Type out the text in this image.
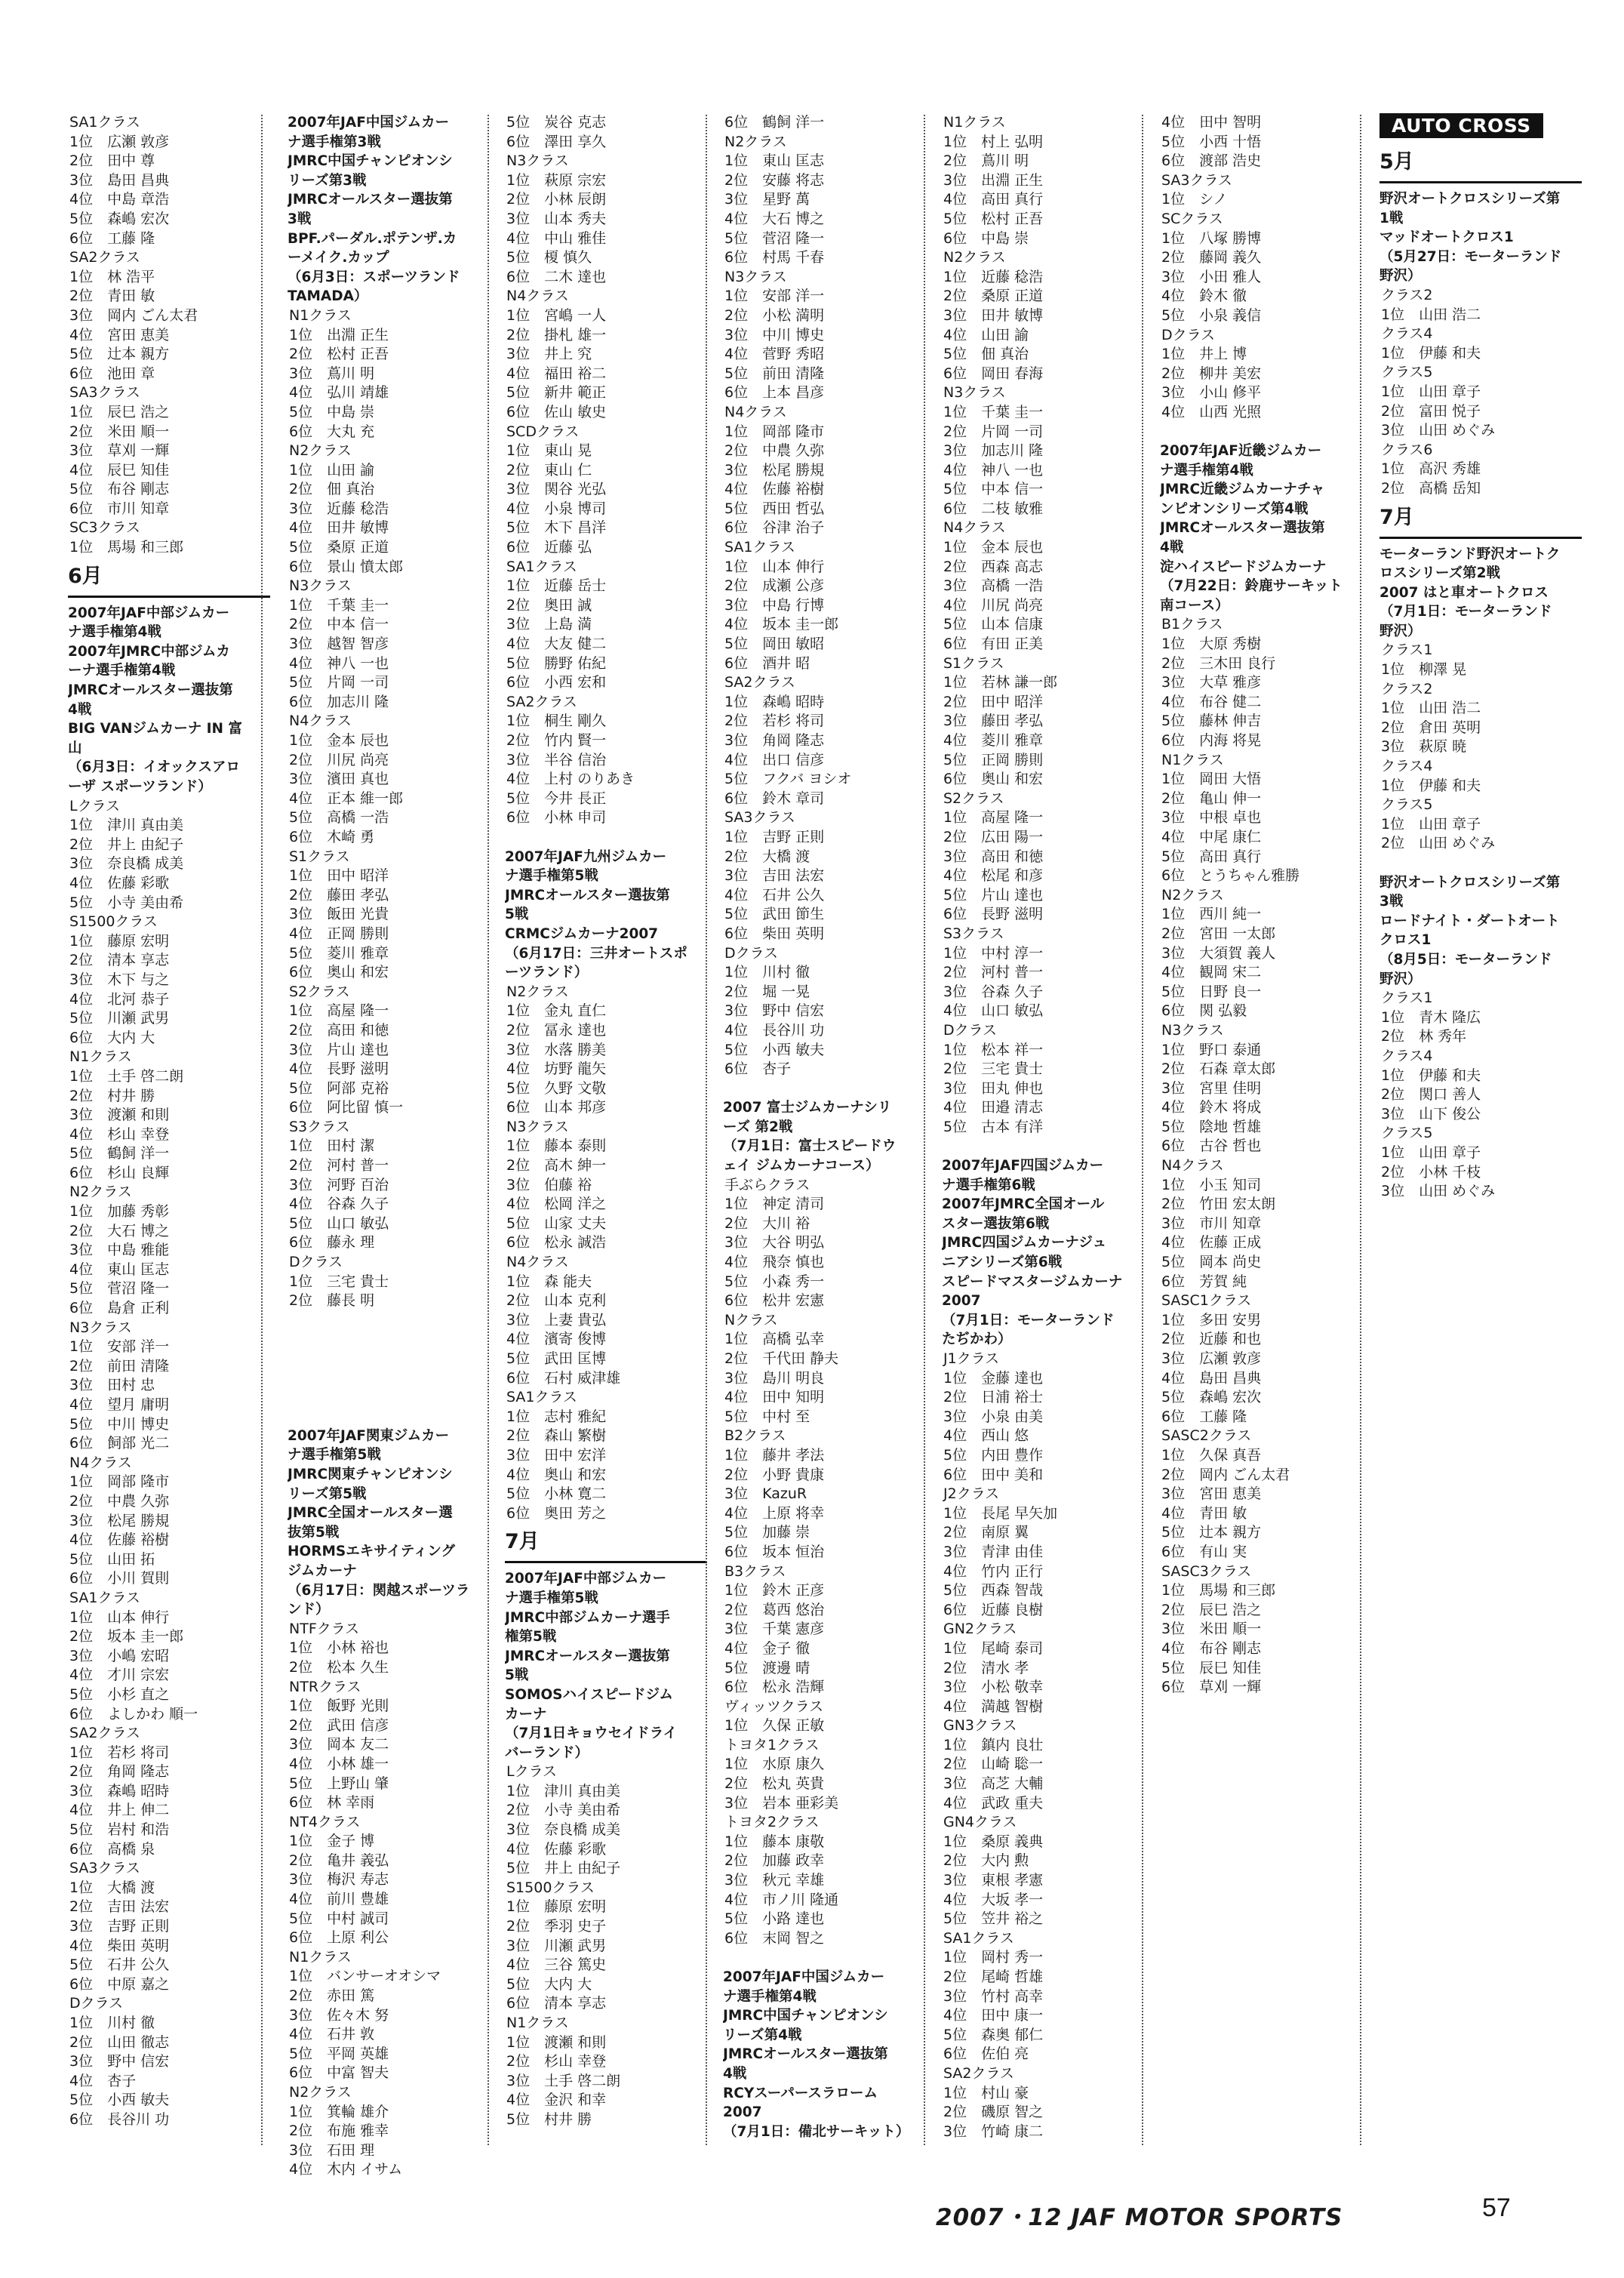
SA1クラス
1位　広瀬 敦彦
2位　田中 尊
3位　島田 昌典
4位　中島 章浩
5位　森嶋 宏次
6位　工藤 隆
SA2クラス
1位　林 浩平
2位　青田 敏
3位　岡内 ごん太君
4位　宮田 恵美
5位　辻本 親方
6位　池田 章
SA3クラス
1位　辰巳 浩之
2位　米田 順一
3位　草刈 一輝
4位　辰巳 知佳
5位　布谷 剛志
6位　市川 知章
SC3クラス
1位　馬場 和三郎
6月
2007年JAF中部ジムカー
ナ選手権第4戦
2007年JMRC中部ジムカ
ーナ選手権第4戦
JMRCオールスター選抜第
4戦
BIG VANジムカーナ IN 富
山
（6月3日：イオックスアロ
ーザ スポーツランド）
Lクラス
1位　津川 真由美
2位　井上 由紀子
3位　奈良橋 成美
4位　佐藤 彩歌
5位　小寺 美由希
S1500クラス
1位　藤原 宏明
2位　清本 享志
3位　木下 与之
4位　北河 恭子
5位　川瀬 武男
6位　大内 大
N1クラス
1位　土手 啓二朗
2位　村井 勝
3位　渡瀬 和則
4位　杉山 幸登
5位　鶴飼 洋一
6位　杉山 良輝
N2クラス
1位　加藤 秀彰
2位　大石 博之
3位　中島 雅能
4位　東山 匡志
5位　菅沼 隆一
6位　島倉 正利
N3クラス
1位　安部 洋一
2位　前田 清隆
3位　田村 忠
4位　望月 庸明
5位　中川 博史
6位　飼部 光二
N4クラス
1位　岡部 隆市
2位　中農 久弥
3位　松尾 勝規
4位　佐藤 裕樹
5位　山田 拓
6位　小川 賀則
SA1クラス
1位　山本 伸行
2位　坂本 圭一郎
3位　小嶋 宏昭
4位　才川 宗宏
5位　小杉 直之
6位　よしかわ 順一
SA2クラス
1位　若杉 将司
2位　角岡 隆志
3位　森嶋 昭時
4位　井上 伸二
5位　岩村 和浩
6位　高橋 泉
SA3クラス
1位　大橋 渡
2位　吉田 法宏
3位　吉野 正則
4位　柴田 英明
5位　石井 公久
6位　中原 嘉之
Dクラス
1位　川村 徹
2位　山田 徹志
3位　野中 信宏
4位　杏子
5位　小西 敏夫
6位　長谷川 功
2007年JAF中国ジムカー
ナ選手権第3戦
JMRC中国チャンピオンシ
リーズ第3戦
JMRCオールスター選抜第
3戦
BPF.パーダル.ポテンザ.カ
ーメイク.カップ
（6月3日：スポーツランド
TAMADA）
N1クラス
1位　出淵 正生
2位　松村 正吾
3位　蔦川 明
4位　弘川 靖雄
5位　中島 崇
6位　大丸 充
N2クラス
1位　山田 諭
2位　佃 真治
3位　近藤 稔浩
4位　田井 敏博
5位　桑原 正道
6位　景山 憤太郎
N3クラス
1位　千葉 圭一
2位　中本 信一
3位　越智 智彦
4位　神八 一也
5位　片岡 一司
6位　加志川 隆
N4クラス
1位　金本 辰也
2位　川尻 尚亮
3位　濱田 真也
4位　正本 維一郎
5位　高橋 一浩
6位　木崎 勇
S1クラス
1位　田中 昭洋
2位　藤田 孝弘
3位　飯田 光貴
4位　正岡 勝則
5位　菱川 雅章
6位　奥山 和宏
S2クラス
1位　高屋 隆一
2位　高田 和徳
3位　片山 達也
4位　長野 滋明
5位　阿部 克裕
6位　阿比留 慎一
S3クラス
1位　田村 潔
2位　河村 普一
3位　河野 百治
4位　谷森 久子
5位　山口 敏弘
6位　藤永 理
Dクラス
1位　三宅 貴士
2位　藤長 明
2007年JAF関東ジムカー
ナ選手権第5戦
JMRC関東チャンピオンシ
リーズ第5戦
JMRC全国オールスター選
抜第5戦
HORMSエキサイティング
ジムカーナ
（6月17日：関越スポーツラ
ンド）
NTFクラス
1位　小林 裕也
2位　松本 久生
NTRクラス
1位　飯野 光則
2位　武田 信彦
3位　岡本 友二
4位　小林 雄一
5位　上野山 肇
6位　林 幸雨
NT4クラス
1位　金子 博
2位　亀井 義弘
3位　梅沢 寿志
4位　前川 豊雄
5位　中村 誠司
6位　上原 利公
N1クラス
1位　バンサーオオシマ
2位　赤田 篤
3位　佐々木 努
4位　石井 敦
5位　平岡 英雄
6位　中富 智夫
N2クラス
1位　箕輪 雄介
2位　布施 雅幸
3位　石田 理
4位　木内 イサム
5位　炭谷 克志
6位　澤田 享久
N3クラス
1位　萩原 宗宏
2位　小林 辰朗
3位　山本 秀夫
4位　中山 雅佳
5位　榎 慎久
6位　二木 達也
N4クラス
1位　宮嶋 一人
2位　掛札 雄一
3位　井上 究
4位　福田 裕二
5位　新井 範正
6位　佐山 敏史
SCDクラス
1位　東山 晃
2位　東山 仁
3位　関谷 光弘
4位　小泉 博司
5位　木下 昌洋
6位　近藤 弘
SA1クラス
1位　近藤 岳士
2位　奥田 誠
3位　上島 満
4位　大友 健二
5位　勝野 佑紀
6位　小西 宏和
SA2クラス
1位　桐生 剛久
2位　竹内 賢一
3位　半谷 信治
4位　上村 のりあき
5位　今井 長正
6位　小林 申司
2007年JAF九州ジムカー
ナ選手権第5戦
JMRCオールスター選抜第
5戦
CRMCジムカーナ2007
（6月17日：三井オートスポ
ーツランド）
N2クラス
1位　金丸 直仁
2位　冨永 達也
3位　水落 勝美
4位　坊野 龍矢
5位　久野 文敬
6位　山本 邦彦
N3クラス
1位　藤本 泰則
2位　高木 紳一
3位　伯藤 裕
4位　松岡 洋之
5位　山家 丈夫
6位　松永 誠浩
N4クラス
1位　森 能夫
2位　山本 克利
3位　上妻 貴弘
4位　濱寄 俊博
5位　武田 匡博
6位　石村 威津雄
SA1クラス
1位　志村 雅紀
2位　森山 繁樹
3位　田中 宏洋
4位　奥山 和宏
5位　小林 寛二
6位　奥田 芳之
7月
2007年JAF中部ジムカー
ナ選手権第5戦
JMRC中部ジムカーナ選手
権第5戦
JMRCオールスター選抜第
5戦
SOMOSハイスピードジム
カーナ
（7月1日キョウセイドライ
バーランド）
Lクラス
1位　津川 真由美
2位　小寺 美由希
3位　奈良橋 成美
4位　佐藤 彩歌
5位　井上 由紀子
S1500クラス
1位　藤原 宏明
2位　季羽 史子
3位　川瀬 武男
4位　三谷 篤史
5位　大内 大
6位　清本 享志
N1クラス
1位　渡瀬 和則
2位　杉山 幸登
3位　土手 啓二朗
4位　金沢 和幸
5位　村井 勝
6位　鶴飼 洋一
N2クラス
1位　東山 匡志
2位　安藤 将志
3位　星野 萬
4位　大石 博之
5位　菅沼 隆一
6位　村馬 千春
N3クラス
1位　安部 洋一
2位　小松 満明
3位　中川 博史
4位　菅野 秀昭
5位　前田 清隆
6位　上本 昌彦
N4クラス
1位　岡部 隆市
2位　中農 久弥
3位　松尾 勝規
4位　佐藤 裕樹
5位　西田 哲弘
6位　谷津 治子
SA1クラス
1位　山本 伸行
2位　成瀬 公彦
3位　中島 行博
4位　坂本 圭一郎
5位　岡田 敏昭
6位　酒井 昭
SA2クラス
1位　森嶋 昭時
2位　若杉 将司
3位　角岡 隆志
4位　出口 信彦
5位　フクバ ヨシオ
6位　鈴木 章司
SA3クラス
1位　吉野 正則
2位　大橋 渡
3位　吉田 法宏
4位　石井 公久
5位　武田 節生
6位　柴田 英明
Dクラス
1位　川村 徹
2位　堀 一晃
3位　野中 信宏
4位　長谷川 功
5位　小西 敏夫
6位　杏子
2007 富士ジムカーナシリ
ーズ 第2戦
（7月1日：富士スピードウ
ェイ ジムカーナコース）
手ぶらクラス
1位　神定 清司
2位　大川 裕
3位　大谷 明弘
4位　飛奈 慎也
5位　小森 秀一
6位　松井 宏憲
Nクラス
1位　高橋 弘幸
2位　千代田 静夫
3位　島川 明良
4位　田中 知明
5位　中村 至
B2クラス
1位　藤井 孝法
2位　小野 貴康
3位　KazuR
4位　上原 将幸
5位　加藤 崇
6位　坂本 恒治
B3クラス
1位　鈴木 正彦
2位　葛西 悠治
3位　千葉 憲彦
4位　金子 徹
5位　渡邊 晴
6位　松永 浩輝
ヴィッツクラス
1位　久保 正敏
トヨタ1クラス
1位　水原 康久
2位　松丸 英貴
3位　岩本 亜彩美
トヨタ2クラス
1位　藤本 康敬
2位　加藤 政幸
3位　秋元 幸雄
4位　市ノ川 隆通
5位　小路 達也
6位　末岡 智之
2007年JAF中国ジムカー
ナ選手権第4戦
JMRC中国チャンピオンシ
リーズ第4戦
JMRCオールスター選抜第
4戦
RCYスーパースラローム
2007
（7月1日：備北サーキット）
N1クラス
1位　村上 弘明
2位　蔦川 明
3位　出淵 正生
4位　高田 真行
5位　松村 正吾
6位　中島 崇
N2クラス
1位　近藤 稔浩
2位　桑原 正道
3位　田井 敏博
4位　山田 諭
5位　佃 真治
6位　岡田 春海
N3クラス
1位　千葉 圭一
2位　片岡 一司
3位　加志川 隆
4位　神八 一也
5位　中本 信一
6位　二枝 敏雅
N4クラス
1位　金本 辰也
2位　西森 高志
3位　高橋 一浩
4位　川尻 尚亮
5位　山本 信康
6位　有田 正美
S1クラス
1位　若林 謙一郎
2位　田中 昭洋
3位　藤田 孝弘
4位　菱川 雅章
5位　正岡 勝則
6位　奥山 和宏
S2クラス
1位　高屋 隆一
2位　広田 陽一
3位　高田 和徳
4位　松尾 和彦
5位　片山 達也
6位　長野 滋明
S3クラス
1位　中村 淳一
2位　河村 普一
3位　谷森 久子
4位　山口 敏弘
Dクラス
1位　松本 祥一
2位　三宅 貴士
3位　田丸 伸也
4位　田邉 清志
5位　古本 有洋
2007年JAF四国ジムカー
ナ選手権第6戦
2007年JMRC全国オール
スター選抜第6戦
JMRC四国ジムカーナジュ
ニアシリーズ第6戦
スピードマスタージムカーナ
2007
（7月1日：モーターランド
たぢかわ）
J1クラス
1位　金藤 達也
2位　日浦 裕士
3位　小泉 由美
4位　西山 悠
5位　内田 豊作
6位　田中 美和
J2クラス
1位　長尾 早矢加
2位　南原 翼
3位　青津 由佳
4位　竹内 正行
5位　西森 智哉
6位　近藤 良樹
GN2クラス
1位　尾崎 泰司
2位　清水 孝
3位　小松 敬幸
4位　満越 智樹
GN3クラス
1位　鎮内 良壮
2位　山崎 聡一
3位　高芝 大輔
4位　武政 重夫
GN4クラス
1位　桑原 義典
2位　大内 勲
3位　東根 孝憲
4位　大坂 孝一
5位　笠井 裕之
SA1クラス
1位　岡村 秀一
2位　尾崎 哲雄
3位　竹村 高幸
4位　田中 康一
5位　森奥 郁仁
6位　佐伯 亮
SA2クラス
1位　村山 豪
2位　磯原 智之
3位　竹崎 康二
4位　田中 智明
5位　小西 十悟
6位　渡部 浩史
SA3クラス
1位　シノ
SCクラス
1位　八塚 勝博
2位　藤岡 義久
3位　小田 雅人
4位　鈴木 徹
5位　小泉 義信
Dクラス
1位　井上 博
2位　柳井 美宏
3位　小山 修平
4位　山西 光照
2007年JAF近畿ジムカー
ナ選手権第4戦
JMRC近畿ジムカーナチャ
ンピオンシリーズ第4戦
JMRCオールスター選抜第
4戦
淀ハイスピードジムカーナ
（7月22日：鈴鹿サーキット
南コース）
B1クラス
1位　大原 秀樹
2位　三木田 良行
3位　大草 雅彦
4位　布谷 健二
5位　藤林 伸吉
6位　内海 将晃
N1クラス
1位　岡田 大悟
2位　亀山 伸一
3位　中根 卓也
4位　中尾 康仁
5位　高田 真行
6位　とうちゃん雅勝
N2クラス
1位　西川 純一
2位　宮田 一太郎
3位　大須賀 義人
4位　観岡 宋二
5位　日野 良一
6位　関 弘毅
N3クラス
1位　野口 泰通
2位　石森 章太郎
3位　宮里 佳明
4位　鈴木 将成
5位　陰地 哲雄
6位　古谷 哲也
N4クラス
1位　小玉 知司
2位　竹田 宏太朗
3位　市川 知章
4位　佐藤 正成
5位　岡本 尚史
6位　芳賀 純
SASC1クラス
1位　多田 安男
2位　近藤 和也
3位　広瀬 敦彦
4位　島田 昌典
5位　森嶋 宏次
6位　工藤 隆
SASC2クラス
1位　久保 真吾
2位　岡内 ごん太君
3位　宮田 恵美
4位　青田 敏
5位　辻本 親方
6位　有山 実
SASC3クラス
1位　馬場 和三郎
2位　辰巳 浩之
3位　米田 順一
4位　布谷 剛志
5位　辰巳 知佳
6位　草刈 一輝
AUTO CROSS
5月
野沢オートクロスシリーズ第
1戦
マッドオートクロス1
（5月27日：モーターランド
野沢）
クラス2
1位　山田 浩二
クラス4
1位　伊藤 和夫
クラス5
1位　山田 章子
2位　富田 悦子
3位　山田 めぐみ
クラス6
1位　高沢 秀雄
2位　高橋 岳知
7月
モーターランド野沢オートク
ロスシリーズ第2戦
2007 はと車オートクロス
（7月1日：モーターランド
野沢）
クラス1
1位　柳澤 晃
クラス2
1位　山田 浩二
2位　倉田 英明
3位　萩原 暁
クラス4
1位　伊藤 和夫
クラス5
1位　山田 章子
2位　山田 めぐみ
野沢オートクロスシリーズ第
3戦
ロードナイト・ダートオート
クロス1
（8月5日：モーターランド
野沢）
クラス1
1位　青木 隆広
2位　林 秀年
クラス4
1位　伊藤 和夫
2位　関口 善人
3位　山下 俊公
クラス5
1位　山田 章子
2位　小林 千枝
3位　山田 めぐみ
2007・12 JAF MOTOR SPORTS	57
